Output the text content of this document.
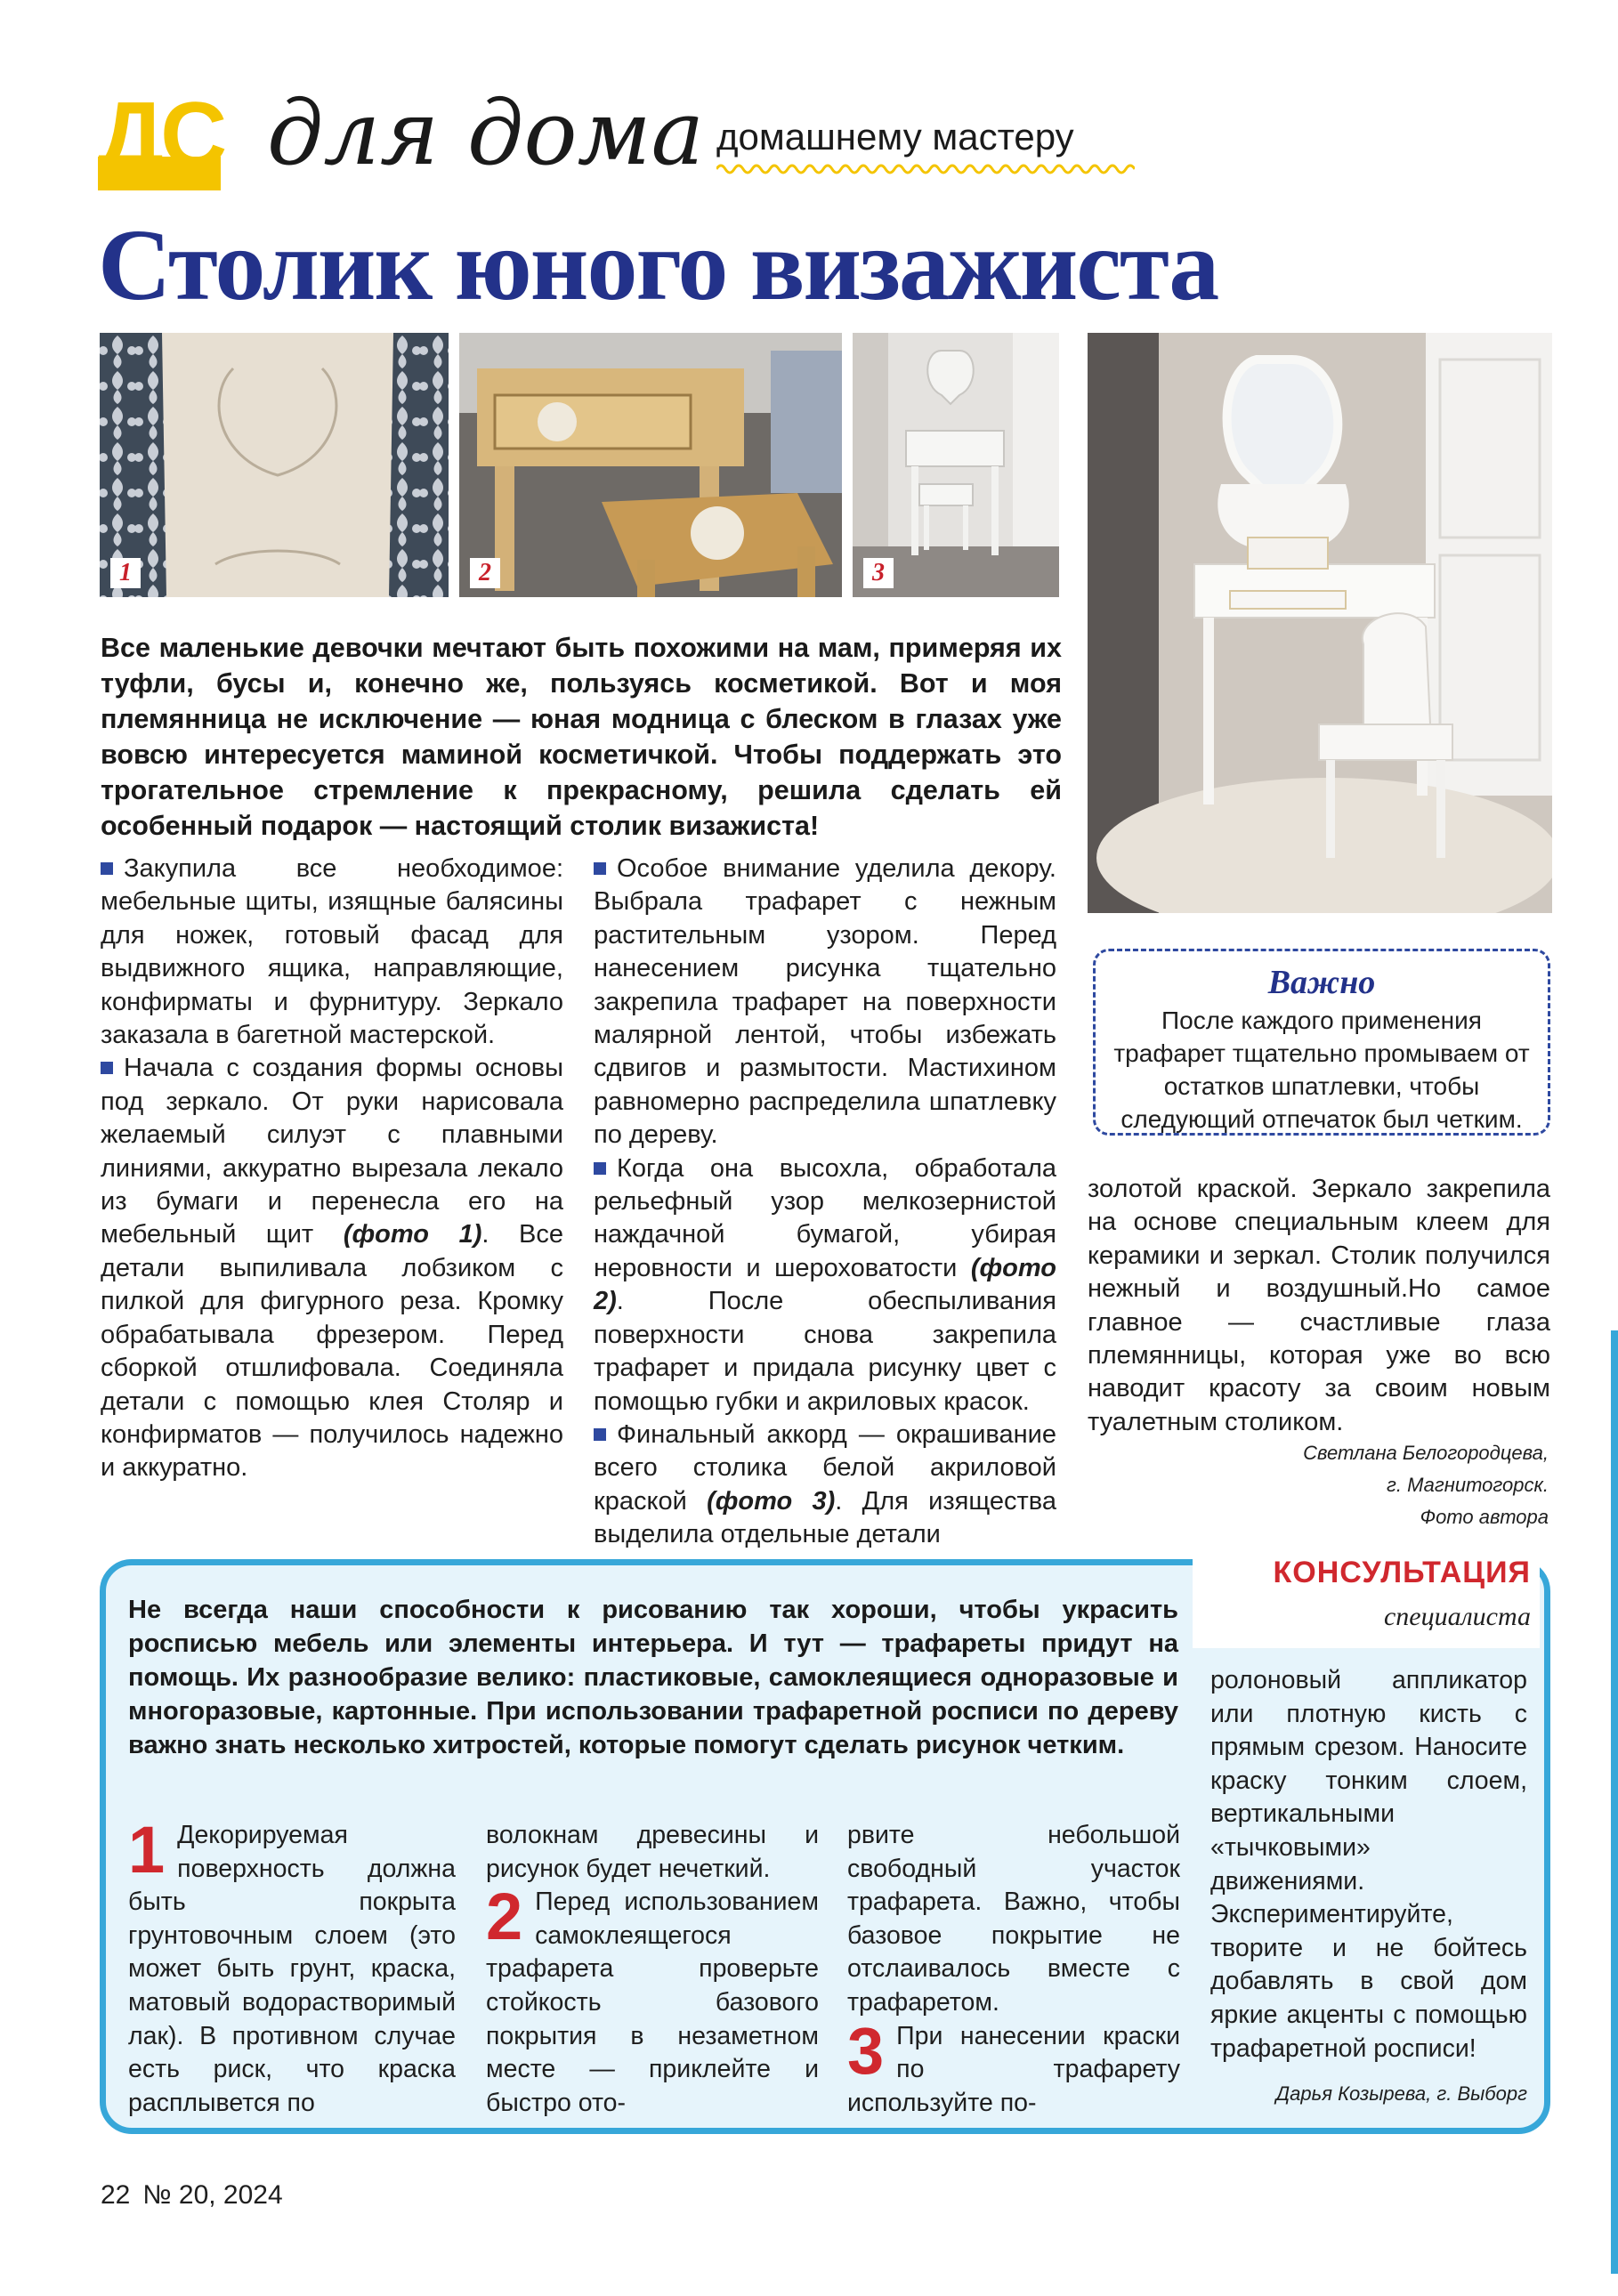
ДС для дома домашнему мастеру
Столик юного визажиста
1	2	3
Все маленькие девочки мечтают быть похожими на мам, примеряя их туфли, бусы и, конечно же, пользуясь косметикой. Вот и моя племянница не исключение — юная модница с блеском в глазах уже вовсю интересуется маминой косметичкой. Чтобы поддержать это трогательное стремление к прекрасному, решила сделать ей особенный подарок — настоящий столик визажиста!

Закупила все необходимое: мебельные щиты, изящные балясины для ножек, готовый фасад для выдвижного ящика, направляющие, конфирматы и фурнитуру. Зеркало заказала в багетной мастерской.

Начала с создания формы основы под зеркало. От руки нарисовала желаемый силуэт с плавными линиями, аккуратно вырезала лекало из бумаги и перенесла его на мебельный щит (фото 1). Все детали выпиливала лобзиком с пилкой для фигурного реза. Кромку обрабатывала фрезером. Перед сборкой отшлифовала. Соединяла детали с помощью клея Столяр и конфирматов — получилось надежно и аккуратно.

Особое внимание уделила декору. Выбрала трафарет с нежным растительным узором. Перед нанесением рисунка тщательно закрепила трафарет на поверхности малярной лентой, чтобы избежать сдвигов и размытости. Мастихином равномерно распределила шпатлевку по дереву.

Когда она высохла, обработала рельефный узор мелкозернистой наждачной бумагой, убирая неровности и шероховатости (фото 2). После обеспыливания поверхности снова закрепила трафарет и придала рисунку цвет с помощью губки и акриловых красок.

Финальный аккорд — окрашивание всего столика белой акриловой краской (фото 3). Для изящества выделила отдельные детали

золотой краской. Зеркало закрепила на основе специальным клеем для керамики и зеркал. Столик получился нежный и воздушный.Но самое главное — счастливые глаза племянницы, которая уже во всю наводит красоту за своим новым туалетным столиком.

Светлана Белогородцева,
г. Магнитогорск.
Фото автора
Важно
После каждого применения трафарет тщательно промываем от остатков шпатлевки, чтобы следующий отпечаток был четким.
КОНСУЛЬТАЦИЯ
специалиста
Не всегда наши способности к рисованию так хороши, чтобы украсить росписью мебель или элементы интерьера. И тут — трафареты придут на помощь. Их разнообразие велико: пластиковые, самоклеящиеся одноразовые и многоразовые, картонные. При использовании трафаретной росписи по дереву важно знать несколько хитростей, которые помогут сделать рисунок четким.

1 Декорируемая поверхность должна быть покрыта грунтовочным слоем (это может быть грунт, краска, матовый водорастворимый лак). В противном случае есть риск, что краска расплывется по

волокнам древесины и рисунок будет нечеткий.

2 Перед использованием самоклеящегося трафарета проверьте стойкость базового покрытия в незаметном месте — приклейте и быстро ото-

рвите небольшой свободный участок трафарета. Важно, чтобы базовое покрытие не отслаивалось вместе с трафаретом.

3 При нанесении краски по трафарету используйте по-

ролоновый аппликатор или плотную кисть с прямым срезом. Наносите краску тонким слоем, вертикальными «тычковыми» движениями. Экспериментируйте, творите и не бойтесь добавлять в свой дом яркие акценты с помощью трафаретной росписи!

Дарья Козырева, г. Выборг
22 № 20, 2024
